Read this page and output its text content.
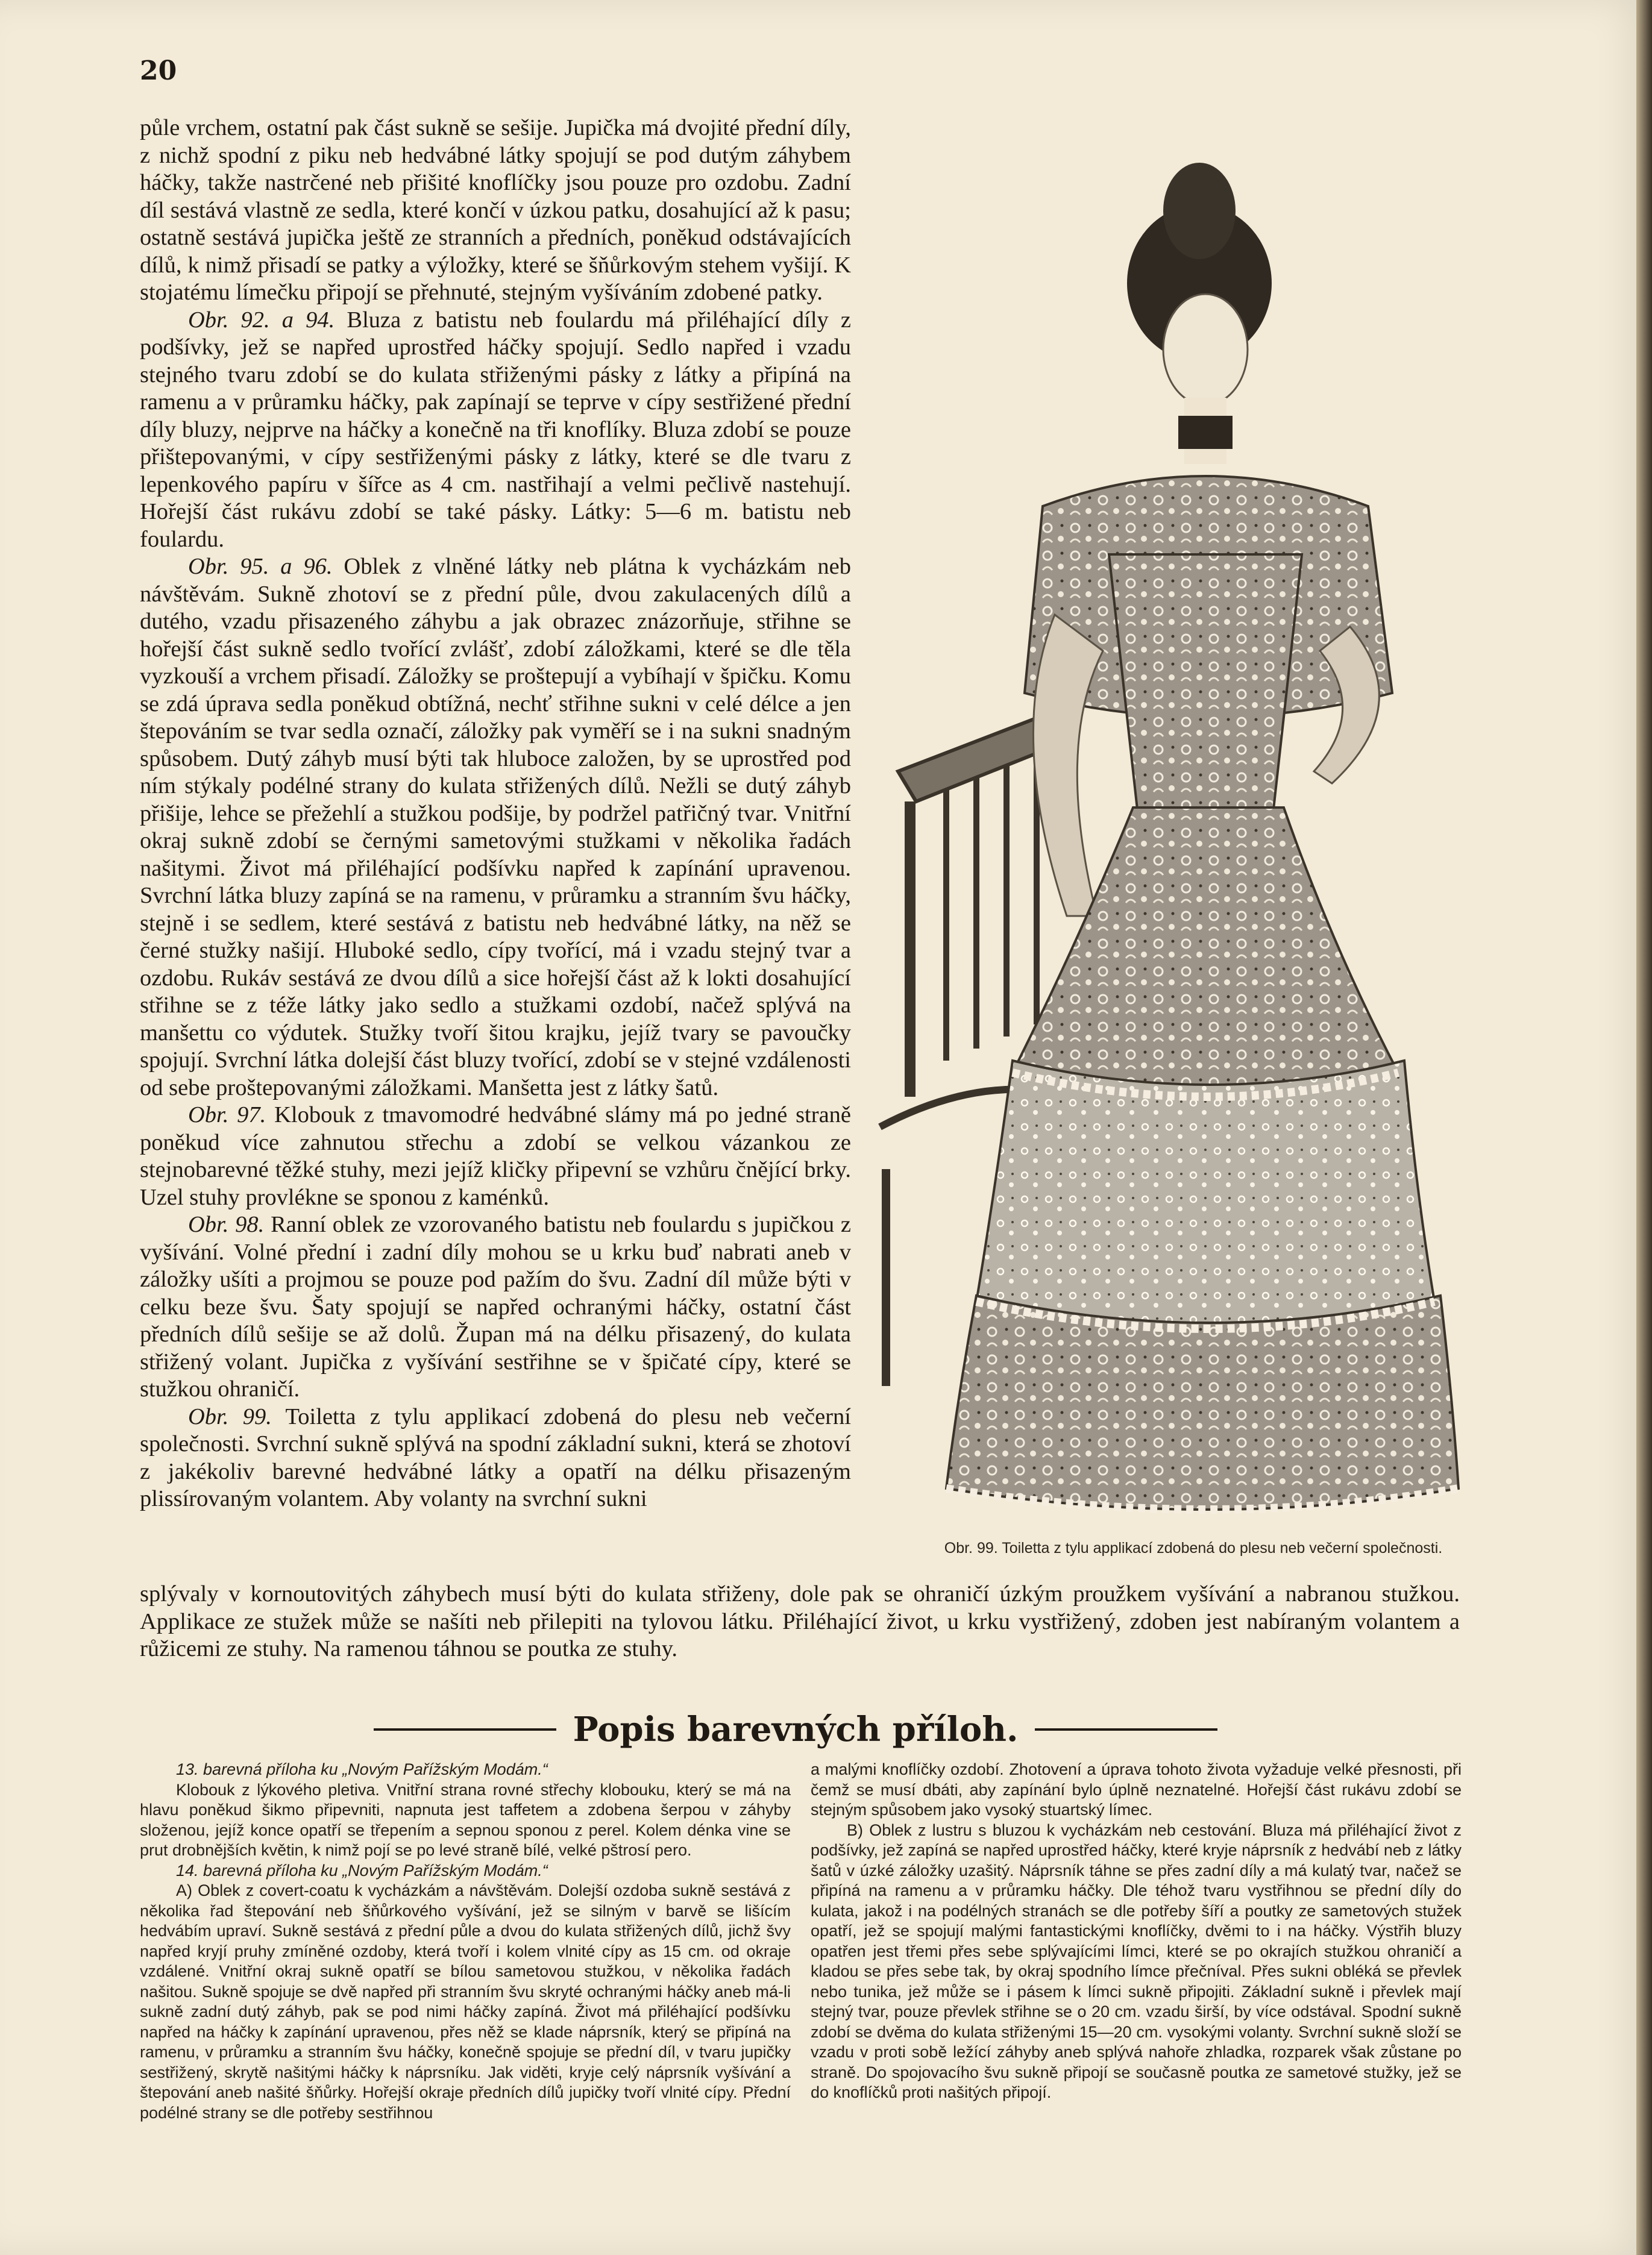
20

půle vrchem, ostatní pak část sukně se sešije. Jupička má dvojité přední díly, z nichž spodní z piku neb hedvábné látky spojují se pod dutým záhybem háčky, takže nastrčené neb přišité knoflíčky jsou pouze pro ozdobu. Zadní díl sestává vlastně ze sedla, které končí v úzkou patku, dosahující až k pasu; ostatně sestává jupička ještě ze stranních a předních, poněkud odstávajících dílů, k nimž přisadí se patky a výložky, které se šňůrkovým stehem vyšijí. K stojatému límečku připojí se přehnuté, stejným vyšíváním zdobené patky.

Obr. 92. a 94. Bluza z batistu neb foulardu má přiléhající díly z podšívky, jež se napřed uprostřed háčky spojují. Sedlo napřed i vzadu stejného tvaru zdobí se do kulata střiženými pásky z látky a připíná na ramenu a v průramku háčky, pak zapínají se teprve v cípy sestřižené přední díly bluzy, nejprve na háčky a konečně na tři knoflíky. Bluza zdobí se pouze přištepovanými, v cípy sestřiženými pásky z látky, které se dle tvaru z lepenkového papíru v šířce as 4 cm. nastřihají a velmi pečlivě nastehují. Hořejší část rukávu zdobí se také pásky. Látky: 5—6 m. batistu neb foulardu.

Obr. 95. a 96. Oblek z vlněné látky neb plátna k vycházkám neb návštěvám. Sukně zhotoví se z přední půle, dvou zakulacených dílů a dutého, vzadu přisazeného záhybu a jak obrazec znázorňuje, střihne se hořejší část sukně sedlo tvořící zvlášť, zdobí záložkami, které se dle těla vyzkouší a vrchem přisadí. Záložky se proštepují a vybíhají v špičku. Komu se zdá úprava sedla poněkud obtížná, nechť střihne sukni v celé délce a jen štepováním se tvar sedla označí, záložky pak vyměří se i na sukni snadným spůsobem. Dutý záhyb musí býti tak hluboce založen, by se uprostřed pod ním stýkaly podélné strany do kulata střižených dílů. Nežli se dutý záhyb přišije, lehce se přežehlí a stužkou podšije, by podržel patřičný tvar. Vnitřní okraj sukně zdobí se černými sametovými stužkami v několika řadách našitymi. Život má přiléhající podšívku napřed k zapínání upravenou. Svrchní látka bluzy zapíná se na ramenu, v průramku a stranním švu háčky, stejně i se sedlem, které sestává z batistu neb hedvábné látky, na něž se černé stužky našijí. Hluboké sedlo, cípy tvořící, má i vzadu stejný tvar a ozdobu. Rukáv sestává ze dvou dílů a sice hořejší část až k lokti dosahující střihne se z téže látky jako sedlo a stužkami ozdobí, načež splývá na manšettu co výdutek. Stužky tvoří šitou krajku, jejíž tvary se pavoučky spojují. Svrchní látka dolejší část bluzy tvořící, zdobí se v stejné vzdálenosti od sebe proštepovanými záložkami. Manšetta jest z látky šatů.

Obr. 97. Klobouk z tmavomodré hedvábné slámy má po jedné straně poněkud více zahnutou střechu a zdobí se velkou vázankou ze stejnobarevné těžké stuhy, mezi jejíž kličky připevní se vzhůru čnějící brky. Uzel stuhy provlékne se sponou z kaménků.

Obr. 98. Ranní oblek ze vzorovaného batistu neb foulardu s jupičkou z vyšívání. Volné přední i zadní díly mohou se u krku buď nabrati aneb v záložky ušíti a projmou se pouze pod pažím do švu. Zadní díl může býti v celku beze švu. Šaty spojují se napřed ochranými háčky, ostatní část předních dílů sešije se až dolů. Župan má na délku přisazený, do kulata střižený volant. Jupička z vyšívání sestřihne se v špičaté cípy, které se stužkou ohraničí.

Obr. 99. Toiletta z tylu applikací zdobená do plesu neb večerní společnosti. Svrchní sukně splývá na spodní základní sukni, která se zhotoví z jakékoliv barevné hedvábné látky a opatří na délku přisazeným plissírovaným volantem. Aby volanty na svrchní sukni

Obr. 99. Toiletta z tylu applikací zdobená do plesu neb večerní společnosti.
splývaly v kornoutovitých záhybech musí býti do kulata střiženy, dole pak se ohraničí úzkým proužkem vyšívání a nabranou stužkou. Applikace ze stužek může se našíti neb přilepiti na tylovou látku. Přiléhající život, u krku vystřižený, zdoben jest nabíraným volantem a růžicemi ze stuhy. Na ramenou táhnou se poutka ze stuhy.
Popis barevných příloh.

13. barevná příloha ku „Novým Pařížským Modám.“

Klobouk z lýkového pletiva. Vnitřní strana rovné střechy klobouku, který se má na hlavu poněkud šikmo připevniti, napnuta jest taffetem a zdobena šerpou v záhyby složenou, jejíž konce opatří se třepením a sepnou sponou z perel. Kolem dénka vine se prut drobnějších květin, k nimž pojí se po levé straně bílé, velké pštrosí pero.

14. barevná příloha ku „Novým Pařížským Modám.“

A) Oblek z covert-coatu k vycházkám a návštěvám. Dolejší ozdoba sukně sestává z několika řad štepování neb šňůrkového vyšívání, jež se silným v barvě se lišícím hedvábím upraví. Sukně sestává z přední půle a dvou do kulata střižených dílů, jichž švy napřed kryjí pruhy zmíněné ozdoby, která tvoří i kolem vlnité cípy as 15 cm. od okraje vzdálené. Vnitřní okraj sukně opatří se bílou sametovou stužkou, v několika řadách našitou. Sukně spojuje se dvě napřed při stranním švu skryté ochranými háčky aneb má-li sukně zadní dutý záhyb, pak se pod nimi háčky zapíná. Život má přiléhající podšívku napřed na háčky k zapínání upravenou, přes něž se klade náprsník, který se připíná na ramenu, v průramku a stranním švu háčky, konečně spojuje se přední díl, v tvaru jupičky sestřižený, skrytě našitými háčky k náprsníku. Jak viděti, kryje celý náprsník vyšívání a štepování aneb našité šňůrky. Hořejší okraje předních dílů jupičky tvoří vlnité cípy. Přední podélné strany se dle potřeby sestřihnou

a malými knoflíčky ozdobí. Zhotovení a úprava tohoto života vyžaduje velké přesnosti, při čemž se musí dbáti, aby zapínání bylo úplně neznatelné. Hořejší část rukávu zdobí se stejným spůsobem jako vysoký stuartský límec.

B) Oblek z lustru s bluzou k vycházkám neb cestování. Bluza má přiléhající život z podšívky, jež zapíná se napřed uprostřed háčky, které kryje náprsník z hedvábí neb z látky šatů v úzké záložky uzašitý. Náprsník táhne se přes zadní díly a má kulatý tvar, načež se připíná na ramenu a v průramku háčky. Dle téhož tvaru vystřihnou se přední díly do kulata, jakož i na podélných stranách se dle potřeby šíří a poutky ze sametových stužek opatří, jež se spojují malými fantastickými knoflíčky, dvěmi to i na háčky. Výstřih bluzy opatřen jest třemi přes sebe splývajícími límci, které se po okrajích stužkou ohraničí a kladou se přes sebe tak, by okraj spodního límce přečníval. Přes sukni obléká se převlek nebo tunika, jež může se i pásem k límci sukně připojiti. Základní sukně i převlek mají stejný tvar, pouze převlek střihne se o 20 cm. vzadu širší, by více odstával. Spodní sukně zdobí se dvěma do kulata střiženými 15—20 cm. vysokými volanty. Svrchní sukně složí se vzadu v proti sobě ležící záhyby aneb splývá nahoře zhladka, rozparek však zůstane po straně. Do spojovacího švu sukně připojí se současně poutka ze sametové stužky, jež se do knoflíčků proti našitých připojí.
